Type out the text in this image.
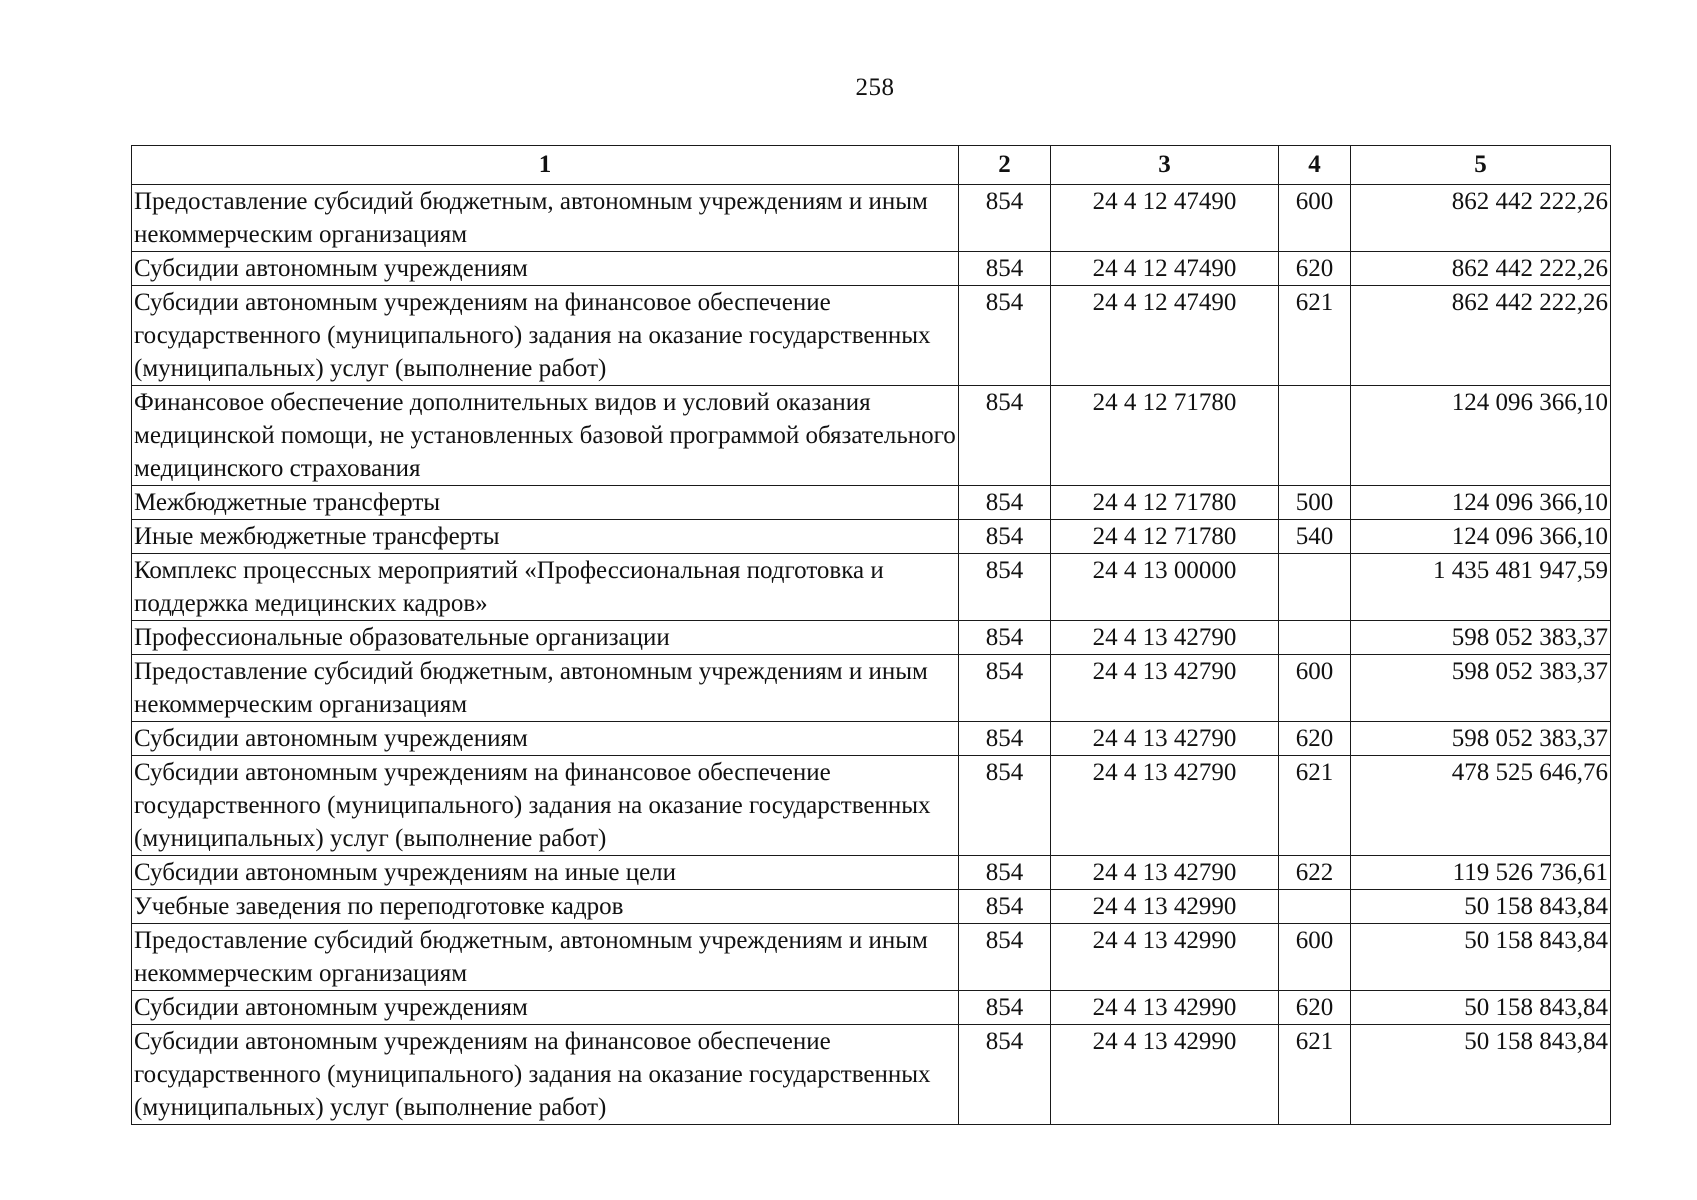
258
1	2	3	4	5
Предоставление субсидий бюджетным, автономным учреждениям и иным некоммерческим организациям	854	24 4 12 47490	600	862 442 222,26
Субсидии автономным учреждениям	854	24 4 12 47490	620	862 442 222,26
Субсидии автономным учреждениям на финансовое обеспечение государственного (муниципального) задания на оказание государственных (муниципальных) услуг (выполнение работ)	854	24 4 12 47490	621	862 442 222,26
Финансовое обеспечение дополнительных видов и условий оказания медицинской помощи, не установленных базовой программой обязательного медицинского страхования	854	24 4 12 71780		124 096 366,10
Межбюджетные трансферты	854	24 4 12 71780	500	124 096 366,10
Иные межбюджетные трансферты	854	24 4 12 71780	540	124 096 366,10
Комплекс процессных мероприятий «Профессиональная подготовка и поддержка медицинских кадров»	854	24 4 13 00000		1 435 481 947,59
Профессиональные образовательные организации	854	24 4 13 42790		598 052 383,37
Предоставление субсидий бюджетным, автономным учреждениям и иным некоммерческим организациям	854	24 4 13 42790	600	598 052 383,37
Субсидии автономным учреждениям	854	24 4 13 42790	620	598 052 383,37
Субсидии автономным учреждениям на финансовое обеспечение государственного (муниципального) задания на оказание государственных (муниципальных) услуг (выполнение работ)	854	24 4 13 42790	621	478 525 646,76
Субсидии автономным учреждениям на иные цели	854	24 4 13 42790	622	119 526 736,61
Учебные заведения по переподготовке кадров	854	24 4 13 42990		50 158 843,84
Предоставление субсидий бюджетным, автономным учреждениям и иным некоммерческим организациям	854	24 4 13 42990	600	50 158 843,84
Субсидии автономным учреждениям	854	24 4 13 42990	620	50 158 843,84
Субсидии автономным учреждениям на финансовое обеспечение государственного (муниципального) задания на оказание государственных (муниципальных) услуг (выполнение работ)	854	24 4 13 42990	621	50 158 843,84
